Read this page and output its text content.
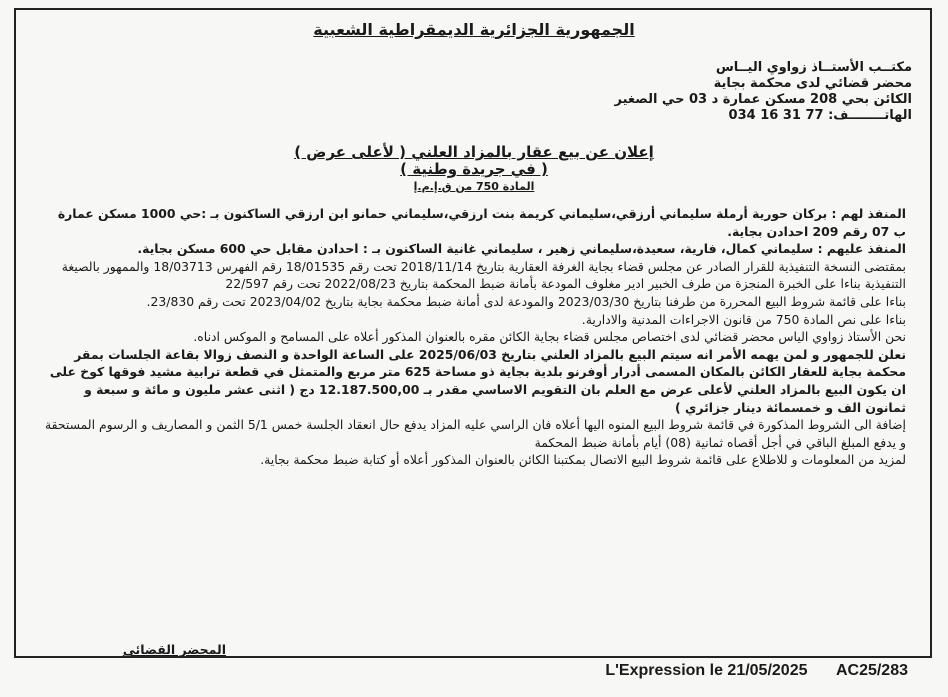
الجمهورية الجزائرية الديمقراطية الشعبية
مكتــب الأستــاذ زواوي اليــاس
محضر قضائي لدى محكمة بجاية
الكائن بحي 208 مسكن عمارة د 03 حي الصغير
الهاتــــــــف: 77 31 16 034
إعلان عن بيع عقار بالمزاد العلني ( لأعلى عرض )
( في جريدة وطنية )
المادة 750 من ق.إ.م.إ

المنفذ لهم : بركان حورية أرملة سليماني أرزقي،سليماني كريمة بنت ارزقي،سليماني حمانو ابن ارزقي الساكنون بـ :حي 1000 مسكن عمارة ب 07 رقم 209 احدادن بجاية.

المنفذ عليهم : سليماني كمال، فارية، سعيدة،سليماني زهير ، سليماني غانية الساكنون بـ : احدادن مقابل حي 600 مسكن بجاية.

بمقتضى النسخة التنفيذية للقرار الصادر عن مجلس قضاء بجاية الغرفة العقارية بتاريخ 2018/11/14 تحت رقم 18/01535 رقم الفهرس 18/03713 والممهور بالصيغة التنفيذية بناءا على الخبرة المنجزة من طرف الخبير ادير مغلوف المودعة بأمانة ضبط المحكمة بتاريخ 2022/08/23 تحت رقم 22/597

بناءا على قائمة شروط البيع المحررة من طرفنا بتاريخ 2023/03/30 والمودعة لدى أمانة ضبط محكمة بجاية بتاريخ 2023/04/02 تحت رقم 23/830.

بناءا على نص المادة 750 من قانون الاجراءات المدنية والادارية.

نحن الأستاذ زواوي الياس محضر قضائي لدى اختصاص مجلس قضاء بجاية الكائن مقره بالعنوان المذكور أعلاه على المسامح و الموكس ادناه.

نعلن للجمهور و لمن يهمه الأمر انه سيتم البيع بالمزاد العلني بتاريخ 2025/06/03 على الساعة الواحدة و النصف زوالا بقاعة الجلسات بمقر محكمة بجاية للعقار الكائن بالمكان المسمى أدرار أوفرنو بلدية بجاية ذو مساحة 625 متر مربع والمتمثل في قطعة ترابية مشيد فوقها كوخ على ان يكون البيع بالمزاد العلني لأعلى عرض مع العلم بان التقويم الاساسي مقدر بـ 12.187.500,00 دج ( اثنى عشر مليون و مائة و سبعة و ثمانون الف و خمسمائة دينار جزائري )

إضافة الى الشروط المذكورة في قائمة شروط البيع المنوه اليها أعلاه فان الراسي عليه المزاد يدفع حال انعقاد الجلسة خمس 5/1 الثمن و المصاريف و الرسوم المستحقة و يدفع المبلغ الباقي في أجل أقصاه ثمانية (08) أيام بأمانة ضبط المحكمة

لمزيد من المعلومات و للاطلاع على قائمة شروط البيع الاتصال بمكتبنا الكائن بالعنوان المذكور أعلاه أو كتابة ضبط محكمة بجاية.

المحضر القضائي
L'Expression le 21/05/2025 AC25/283
